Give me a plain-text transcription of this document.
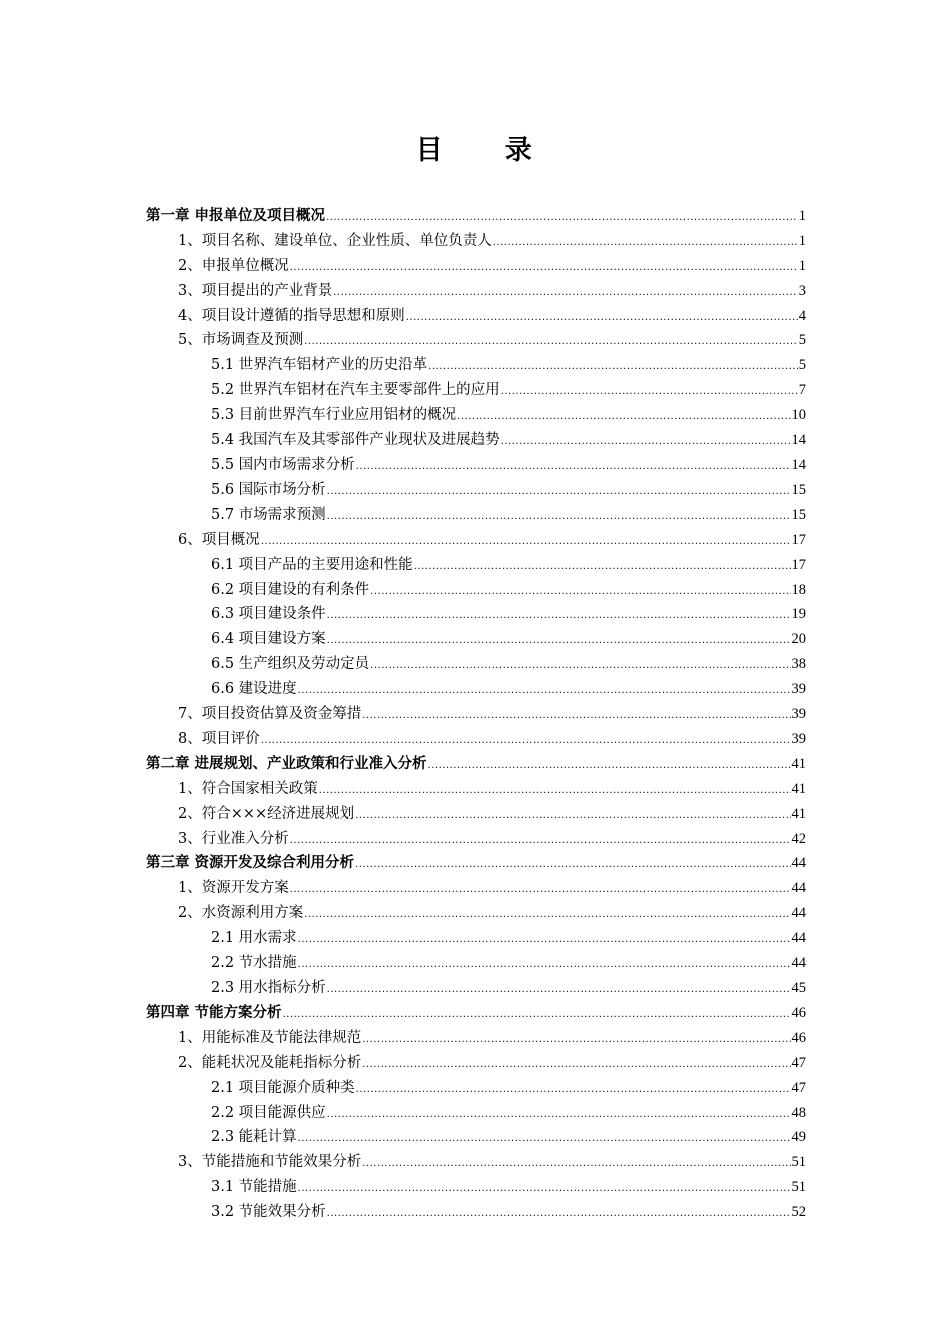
目　　录
第一章 申报单位及项目概况 .....	1
1、项目名称、建设单位、企业性质、单位负责人 .....	1
2、申报单位概况 .....	1
3、项目提出的产业背景 .....	3
4、项目设计遵循的指导思想和原则 .....	4
5、市场调查及预测 .....	5
5.1 世界汽车铝材产业的历史沿革 .....	5
5.2 世界汽车铝材在汽车主要零部件上的应用 .....	7
5.3 目前世界汽车行业应用铝材的概况 .....	10
5.4 我国汽车及其零部件产业现状及进展趋势 .....	14
5.5 国内市场需求分析 .....	14
5.6 国际市场分析 .....	15
5.7 市场需求预测 .....	15
6、项目概况 .....	17
6.1 项目产品的主要用途和性能 .....	17
6.2 项目建设的有利条件 .....	18
6.3 项目建设条件 .....	19
6.4 项目建设方案 .....	20
6.5 生产组织及劳动定员 .....	38
6.6 建设进度 .....	39
7、项目投资估算及资金筹措 .....	39
8、项目评价 .....	39
第二章 进展规划、产业政策和行业准入分析 .....	41
1、符合国家相关政策 .....	41
2、符合×××经济进展规划 .....	41
3、行业准入分析 .....	42
第三章 资源开发及综合利用分析 .....	44
1、资源开发方案 .....	44
2、水资源利用方案 .....	44
2.1 用水需求 .....	44
2.2 节水措施 .....	44
2.3 用水指标分析 .....	45
第四章 节能方案分析 .....	46
1、用能标准及节能法律规范 .....	46
2、能耗状况及能耗指标分析 .....	47
2.1 项目能源介质种类 .....	47
2.2 项目能源供应 .....	48
2.3 能耗计算 .....	49
3、节能措施和节能效果分析 .....	51
3.1 节能措施 .....	51
3.2 节能效果分析 .....	52
